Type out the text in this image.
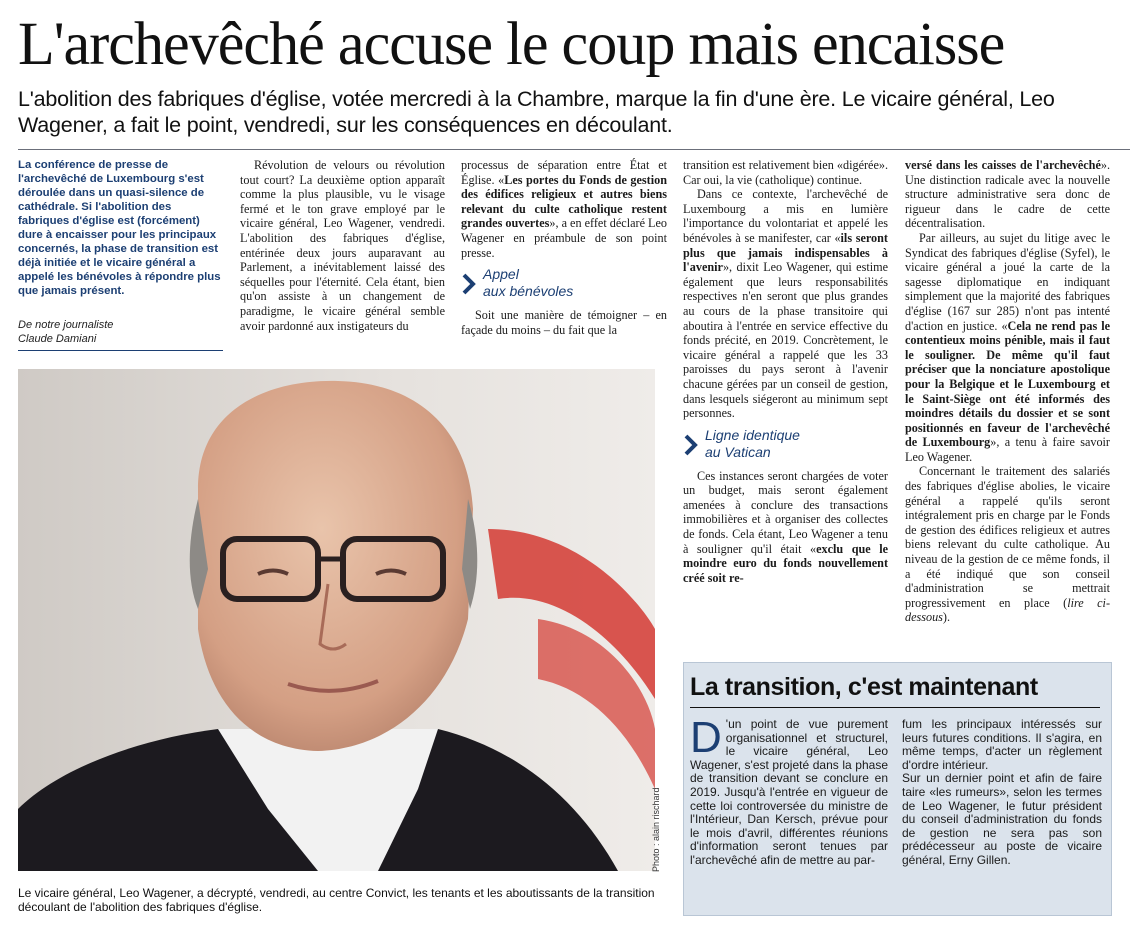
L'archevêché accuse le coup mais encaisse

L'abolition des fabriques d'église, votée mercredi à la Chambre, marque la fin d'une ère. Le vicaire général, Leo Wagener, a fait le point, vendredi, sur les conséquences en découlant.

La conférence de presse de l'archevêché de Luxembourg s'est déroulée dans un quasi-silence de cathédrale. Si l'abolition des fabriques d'église est (forcément) dure à encaisser pour les principaux concernés, la phase de transition est déjà initiée et le vicaire général a appelé les bénévoles à répondre plus que jamais présent.

De notre journaliste
Claude Damiani

Révolution de velours ou révolution tout court? La deuxième option apparaît comme la plus plausible, vu le visage fermé et le ton grave employé par le vicaire général, Leo Wagener, vendredi. L'abolition des fabriques d'église, entérinée deux jours auparavant au Parlement, a inévitablement laissé des séquelles pour l'éternité. Cela étant, bien qu'on assiste à un changement de paradigme, le vicaire général semble avoir pardonné aux instigateurs du

processus de séparation entre État et Église. «Les portes du Fonds de gestion des édifices religieux et autres biens relevant du culte catholique restent grandes ouvertes», a en effet déclaré Leo Wagener en préambule de son point presse.

Appel
aux bénévoles

Soit une manière de témoigner – en façade du moins – du fait que la

transition est relativement bien «digérée». Car oui, la vie (catholique) continue.

Dans ce contexte, l'archevêché de Luxembourg a mis en lumière l'importance du volontariat et appelé les bénévoles à se manifester, car «ils seront plus que jamais indispensables à l'avenir», dixit Leo Wagener, qui estime également que leurs responsabilités respectives n'en seront que plus grandes au cours de la phase transitoire qui aboutira à l'entrée en service effective du fonds précité, en 2019. Concrètement, le vicaire général a rappelé que les 33 paroisses du pays seront à l'avenir chacune gérées par un conseil de gestion, dans lesquels siégeront au minimum sept personnes.

Ligne identique
au Vatican

Ces instances seront chargées de voter un budget, mais seront également amenées à conclure des transactions immobilières et à organiser des collectes de fonds. Cela étant, Leo Wagener a tenu à souligner qu'il était «exclu que le moindre euro du fonds nouvellement créé soit re-

versé dans les caisses de l'archevêché». Une distinction radicale avec la nouvelle structure administrative sera donc de rigueur dans le cadre de cette décentralisation.

Par ailleurs, au sujet du litige avec le Syndicat des fabriques d'église (Syfel), le vicaire général a joué la carte de la sagesse diplomatique en indiquant simplement que la majorité des fabriques d'église (167 sur 285) n'ont pas intenté d'action en justice. «Cela ne rend pas le contentieux moins pénible, mais il faut le souligner. De même qu'il faut préciser que la nonciature apostolique pour la Belgique et le Luxembourg et le Saint-Siège ont été informés des moindres détails du dossier et se sont positionnés en faveur de l'archevêché de Luxembourg», a tenu à faire savoir Leo Wagener.

Concernant le traitement des salariés des fabriques d'église abolies, le vicaire général a rappelé qu'ils seront intégralement pris en charge par le Fonds de gestion des édifices religieux et autres biens relevant du culte catholique. Au niveau de la gestion de ce même fonds, il a été indiqué que son conseil d'administration se mettrait progressivement en place (lire ci-dessous).

Photo : alain rischard

Le vicaire général, Leo Wagener, a décrypté, vendredi, au centre Convict, les tenants et les aboutissants de la transition découlant de l'abolition des fabriques d'église.

La transition, c'est maintenant

D 'un point de vue purement organisationnel et structurel, le vicaire général, Leo Wagener, s'est projeté dans la phase de transition devant se conclure en 2019. Jusqu'à l'entrée en vigueur de cette loi controversée du ministre de l'Intérieur, Dan Kersch, prévue pour le mois d'avril, différentes réunions d'information seront tenues par l'archevêché afin de mettre au par-

fum les principaux intéressés sur leurs futures conditions. Il s'agira, en même temps, d'acter un règlement d'ordre intérieur.

Sur un dernier point et afin de faire taire «les rumeurs», selon les termes de Leo Wagener, le futur président du conseil d'administration du fonds de gestion ne sera pas son prédécesseur au poste de vicaire général, Erny Gillen.
